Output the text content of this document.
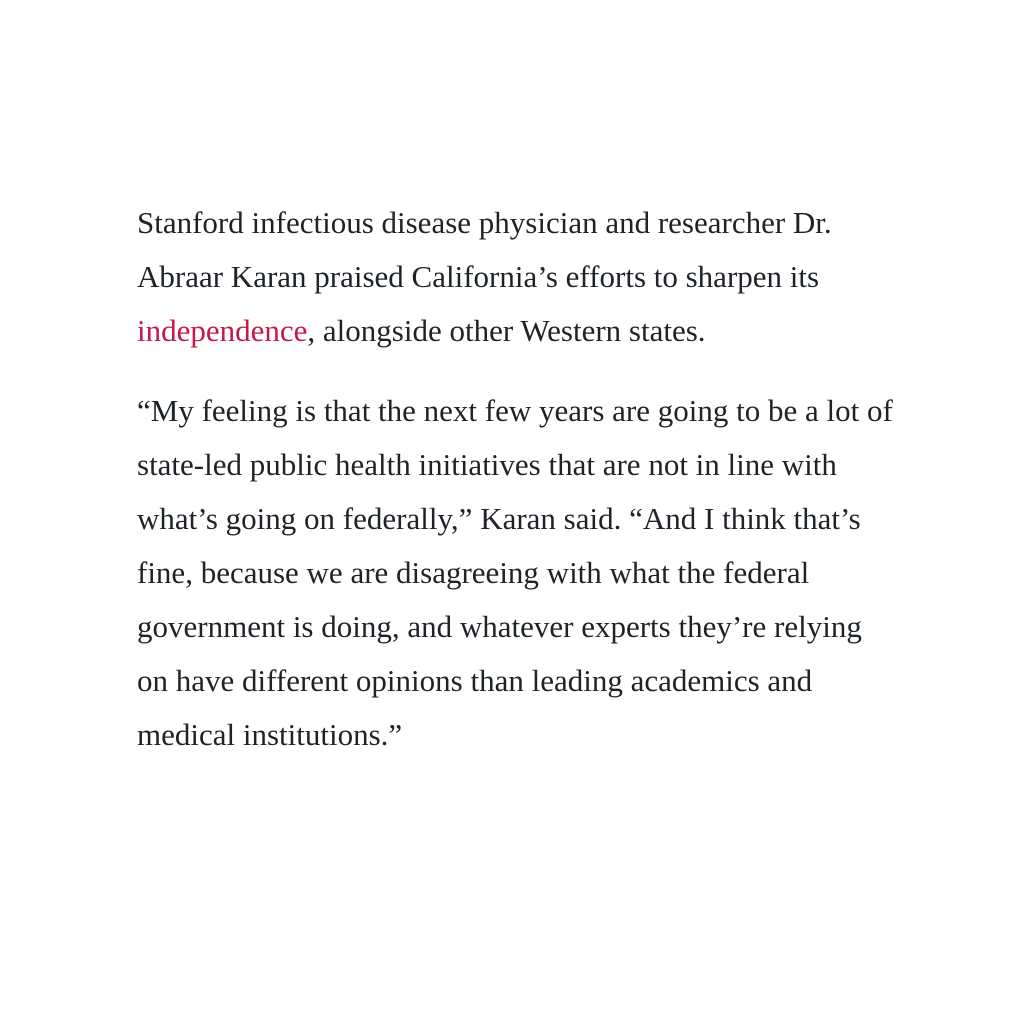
Stanford infectious disease physician and researcher Dr. Abraar Karan praised California’s efforts to sharpen its independence, alongside other Western states.

“My feeling is that the next few years are going to be a lot of state-led public health initiatives that are not in line with what’s going on federally,” Karan said. “And I think that’s fine, because we are disagreeing with what the federal government is doing, and whatever experts they’re relying on have different opinions than leading academics and medical institutions.”
